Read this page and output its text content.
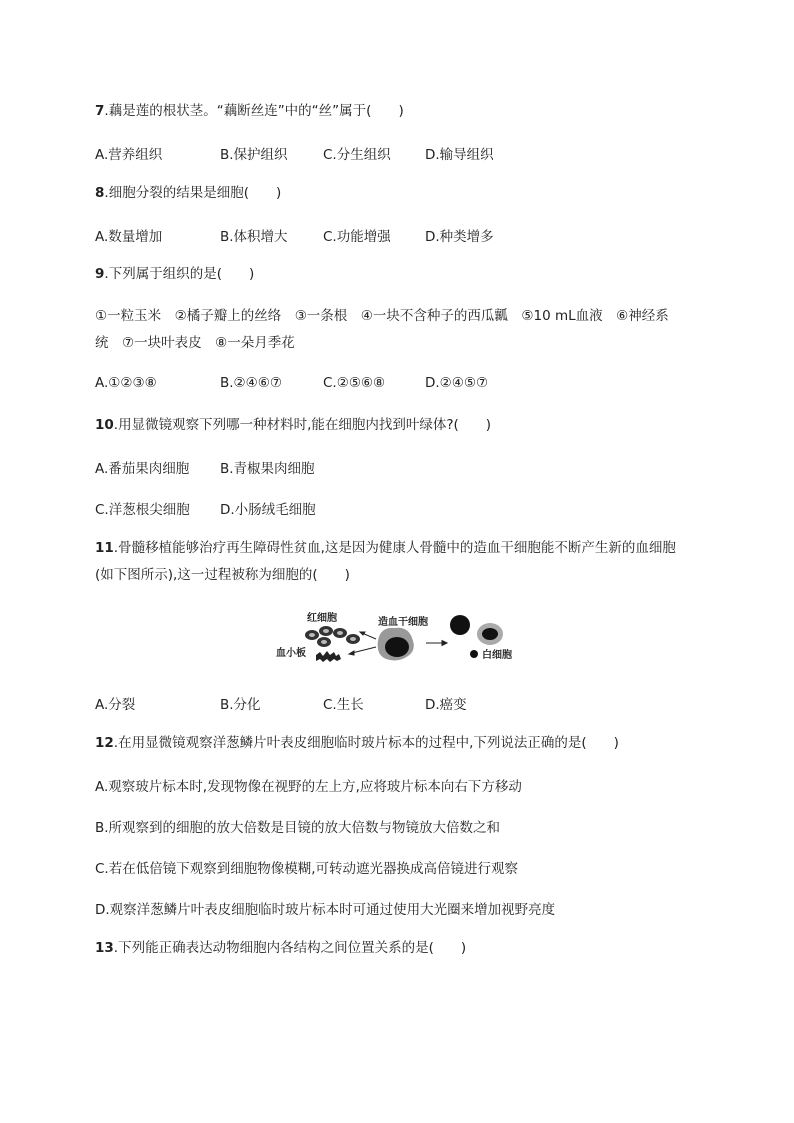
7.藕是莲的根状茎。“藕断丝连”中的“丝”属于(　　)
A.营养组织	B.保护组织	C.分生组织	D.输导组织
8.细胞分裂的结果是细胞(　　)
A.数量增加	B.体积增大	C.功能增强	D.种类增多
9.下列属于组织的是(　　)
①一粒玉米　②橘子瓣上的丝络　③一条根　④一块不含种子的西瓜瓤　⑤10 mL血液　⑥神经系
统　⑦一块叶表皮　⑧一朵月季花
A.①②③⑧	B.②④⑥⑦	C.②⑤⑥⑧	D.②④⑤⑦
10.用显微镜观察下列哪一种材料时,能在细胞内找到叶绿体?(　　)
A.番茄果肉细胞 B.青椒果肉细胞
C.洋葱根尖细胞 D.小肠绒毛细胞
11.骨髓移植能够治疗再生障碍性贫血,这是因为健康人骨髓中的造血干细胞能不断产生新的血细胞
(如下图所示),这一过程被称为细胞的(　　)
红细胞
血小板
造血干细胞
白细胞
A.分裂	B.分化	C.生长	D.癌变
12.在用显微镜观察洋葱鳞片叶表皮细胞临时玻片标本的过程中,下列说法正确的是(　　)
A.观察玻片标本时,发现物像在视野的左上方,应将玻片标本向右下方移动
B.所观察到的细胞的放大倍数是目镜的放大倍数与物镜放大倍数之和
C.若在低倍镜下观察到细胞物像模糊,可转动遮光器换成高倍镜进行观察
D.观察洋葱鳞片叶表皮细胞临时玻片标本时可通过使用大光圈来增加视野亮度
13.下列能正确表达动物细胞内各结构之间位置关系的是(　　)
